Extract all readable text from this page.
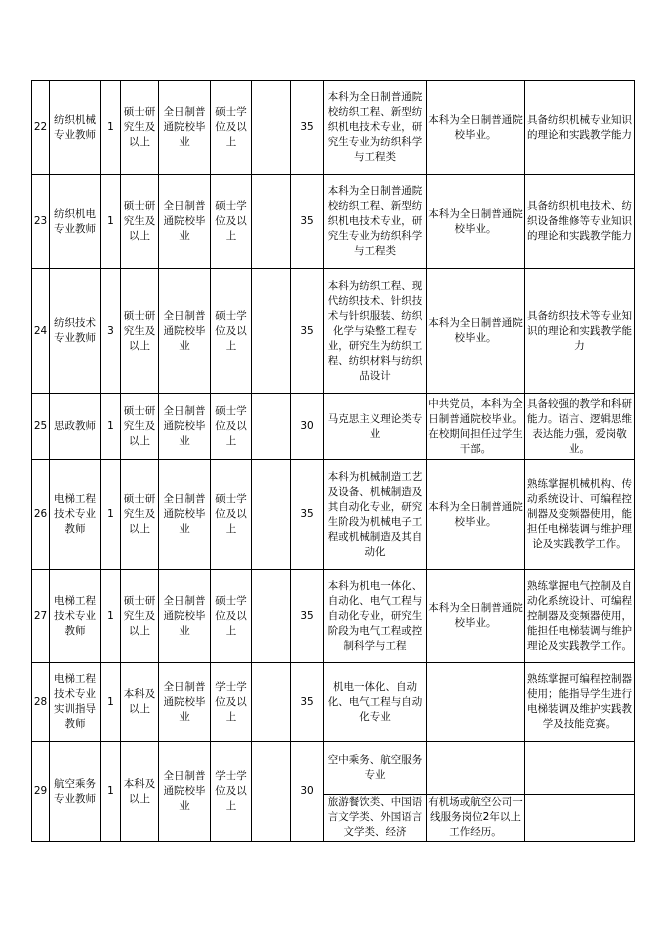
22	纺织机械专业教师	1	硕士研究生及以上	全日制普通院校毕业	硕士学位及以上		35	本科为全日制普通院校纺织工程、新型纺织机电技术专业，研究生专业为纺织科学与工程类	本科为全日制普通院校毕业。	具备纺织机械专业知识的理论和实践教学能力
23	纺织机电专业教师	1	硕士研究生及以上	全日制普通院校毕业	硕士学位及以上		35	本科为全日制普通院校纺织工程、新型纺织机电技术专业，研究生专业为纺织科学与工程类	本科为全日制普通院校毕业。	具备纺织机电技术、纺织设备维修等专业知识的理论和实践教学能力
24	纺织技术专业教师	3	硕士研究生及以上	全日制普通院校毕业	硕士学位及以上		35	本科为纺织工程、现代纺织技术、针织技术与针织服装、纺织化学与染整工程专业，研究生为纺织工程、纺织材料与纺织品设计	本科为全日制普通院校毕业。	具备纺织技术等专业知识的理论和实践教学能力
25	思政教师	1	硕士研究生及以上	全日制普通院校毕业	硕士学位及以上		30	马克思主义理论类专业	中共党员，本科为全日制普通院校毕业。在校期间担任过学生干部。	具备较强的教学和科研能力。语言、逻辑思维表达能力强，爱岗敬业。
26	电梯工程技术专业教师	1	硕士研究生及以上	全日制普通院校毕业	硕士学位及以上		35	本科为机械制造工艺及设备、机械制造及其自动化专业，研究生阶段为机械电子工程或机械制造及其自动化	本科为全日制普通院校毕业。	熟练掌握机械机构、传动系统设计、可编程控制器及变频器使用，能担任电梯装调与维护理论及实践教学工作。
27	电梯工程技术专业教师	1	硕士研究生及以上	全日制普通院校毕业	硕士学位及以上		35	本科为机电一体化、自动化、电气工程与自动化专业，研究生阶段为电气工程或控制科学与工程	本科为全日制普通院校毕业。	熟练掌握电气控制及自动化系统设计、可编程控制器及变频器使用，能担任电梯装调与维护理论及实践教学工作。
28	电梯工程技术专业实训指导教师	1	本科及以上	全日制普通院校毕业	学士学位及以上		35	机电一体化、自动化、电气工程与自动化专业		熟练掌握可编程控制器使用；能指导学生进行电梯装调及维护实践教学及技能竞赛。
29	航空乘务专业教师	1	本科及以上	全日制普通院校毕业	学士学位及以上		30	空中乘务、航空服务专业		
								旅游餐饮类、中国语言文学类、外国语言文学类、经济	有机场或航空公司一线服务岗位2年以上工作经历。	
